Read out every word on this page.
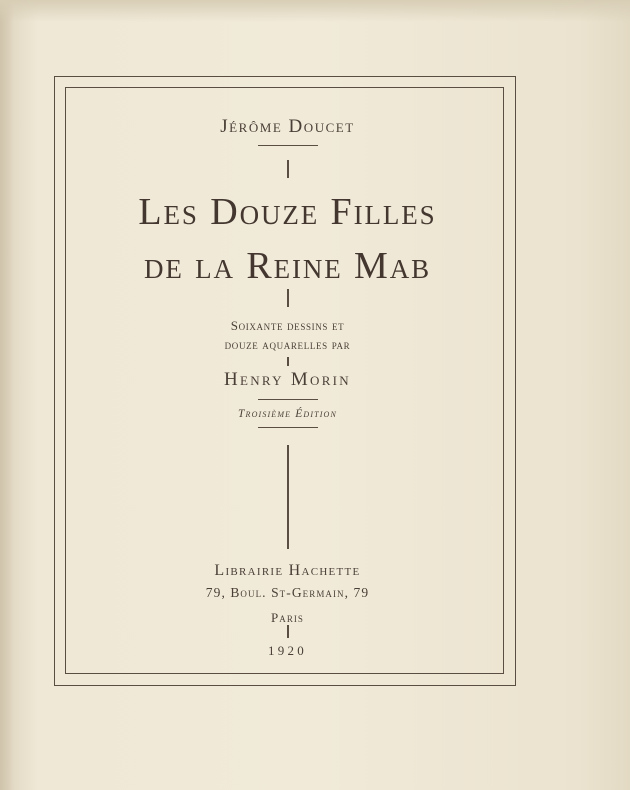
Jérôme Doucet
Les Douze Filles
de la Reine Mab
Soixante dessins et
douze aquarelles par
Henry Morin
Troisième Édition
Librairie Hachette
79, Boul. St-Germain, 79
Paris
1920
